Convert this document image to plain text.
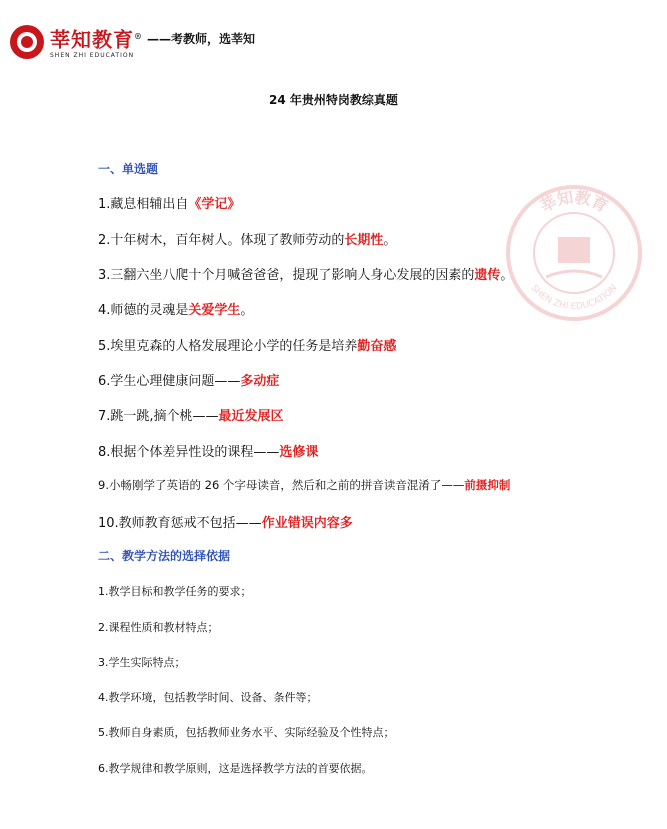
莘知教育®
SHEN ZHI EDUCATION
——考教师，选莘知
24 年贵州特岗教综真题
莘知教育
SHEN ZHI EDUCATION
一、单选题
1.藏息相辅出自《学记》
2.十年树木，百年树人。体现了教师劳动的长期性。
3.三翻六坐八爬十个月喊爸爸爸，提现了影响人身心发展的因素的遗传。
4.师德的灵魂是关爱学生。
5.埃里克森的人格发展理论小学的任务是培养勤奋感
6.学生心理健康问题——多动症
7.跳一跳,摘个桃——最近发展区
8.根据个体差异性设的课程——选修课
9.小畅刚学了英语的 26 个字母读音，然后和之前的拼音读音混淆了——前摄抑制
10.教师教育惩戒不包括——作业错误内容多
二、教学方法的选择依据
1.教学目标和教学任务的要求；
2.课程性质和教材特点；
3.学生实际特点；
4.教学环境，包括教学时间、设备、条件等；
5.教师自身素质，包括教师业务水平、实际经验及个性特点；
6.教学规律和教学原则，这是选择教学方法的首要依据。
